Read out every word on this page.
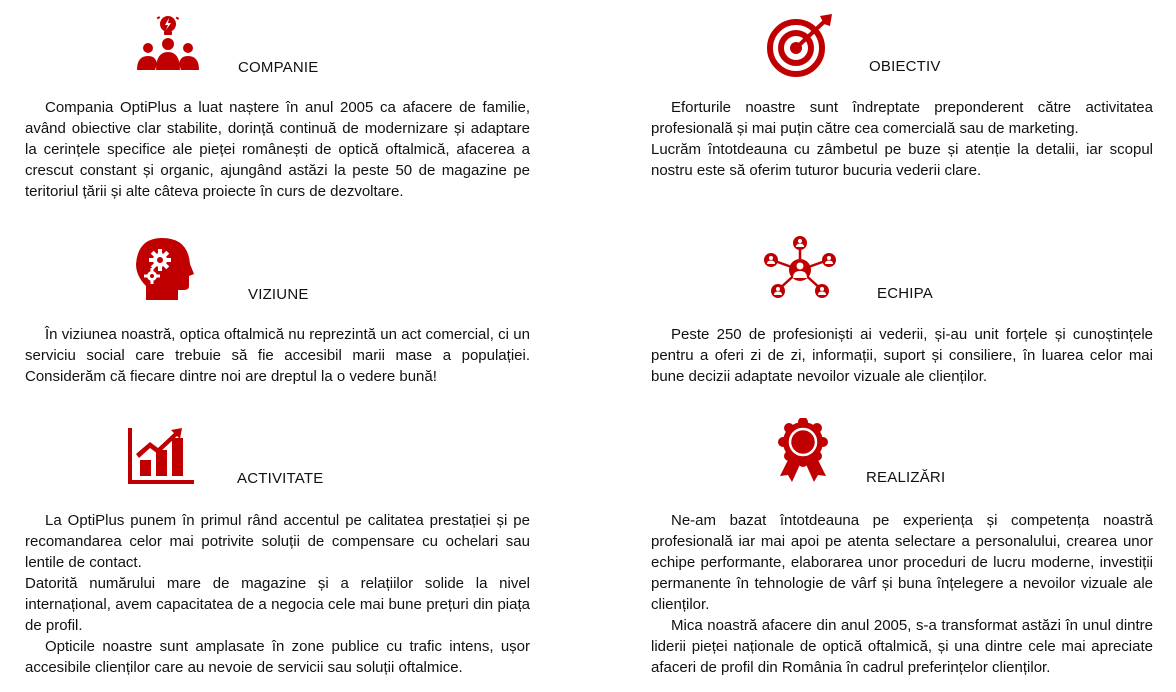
COMPANIE

Compania OptiPlus a luat naștere în anul 2005 ca afacere de familie, având obiective clar stabilite, dorință continuă de modernizare și adaptare la cerințele specifice ale pieței românești de optică oftalmică, afacerea a crescut constant și organic, ajungând astăzi la peste 50 de magazine pe teritoriul țării și alte câteva proiecte în curs de dezvoltare.

OBIECTIV

Eforturile noastre sunt îndreptate preponderent către activitatea profesională și mai puțin către cea comercială sau de marketing.

Lucrăm întotdeauna cu zâmbetul pe buze și atenție la detalii, iar scopul nostru este să oferim tuturor bucuria vederii clare.

VIZIUNE

În viziunea noastră, optica oftalmică nu reprezintă un act comercial, ci un serviciu social care trebuie să fie accesibil marii mase a populației. Considerăm că fiecare dintre noi are dreptul la o vedere bună!

ECHIPA

Peste 250 de profesioniști ai vederii, și-au unit forțele și cunoștințele pentru a oferi zi de zi, informații, suport și consiliere, în luarea celor mai bune decizii adaptate nevoilor vizuale ale clienților.

ACTIVITATE

La OptiPlus punem în primul rând accentul pe calitatea prestației și pe recomandarea celor mai potrivite soluții de compensare cu ochelari sau lentile de contact.

Datorită numărului mare de magazine și a relațiilor solide la nivel internațional, avem capacitatea de a negocia cele mai bune prețuri din piața de profil.

Opticile noastre sunt amplasate în zone publice cu trafic intens, ușor accesibile clienților care au nevoie de servicii sau soluții oftalmice.

REALIZĂRI

Ne-am bazat întotdeauna pe experiența și competența noastră profesională iar mai apoi pe atenta selectare a personalului, crearea unor echipe performante, elaborarea unor proceduri de lucru moderne, investiții permanente în tehnologie de vârf și buna înțelegere a nevoilor vizuale ale clienților.

Mica noastră afacere din anul 2005, s-a transformat astăzi în unul dintre liderii pieței naționale de optică oftalmică, și una dintre cele mai apreciate afaceri de profil din România în cadrul preferințelor clienților.
